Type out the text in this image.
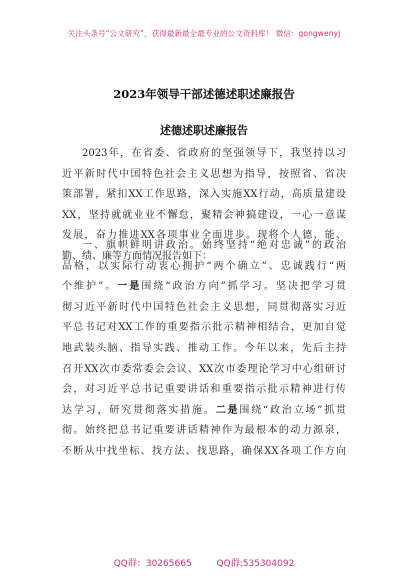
关注头条号“公文研究”，获得最新最全最专业的公文资料库！ 微信：gongwenyj
2023年领导干部述德述职述廉报告
述德述职述廉报告
2023年，在省委、省政府的坚强领导下，我坚持以习
近平新时代中国特色社会主义思想为指导，按照省、省决
策部署，紧扣XX工作思路，深入实施XX行动，高质量建设
XX，坚持就就业业不懈怠，聚精会神搞建设，一心一意谋
发展，奋力推进XX各项事业全面进步。现将个人德、能、
勤、绩、廉等方面情况报告如下：
一、旗帜鲜明讲政治。始终坚持“绝对忠诚”的政治
品格，以实际行动衷心拥护“两个确立”、忠诚践行“两
个维护”。一是围绕“政治方向”抓学习。坚决把学习贯
彻习近平新时代中国特色社会主义思想，同贯彻落实习近
平总书记对XX工作的重要指示批示精神相结合，更加自觉
地武装头脑、指导实践、推动工作。今年以来，先后主持
召开XX次市委常委会会议、XX次市委理论学习中心组研讨
会，对习近平总书记重要讲话和重要指示批示精神进行传
达学习，研究贯彻落实措施。二是围绕“政治立场”抓贯
彻。始终把总书记重要讲话精神作为最根本的动力源泉，
不断从中找坐标、找方法、找思路，确保XX各项工作方向
QQ群：30265665	QQ群:535304092
